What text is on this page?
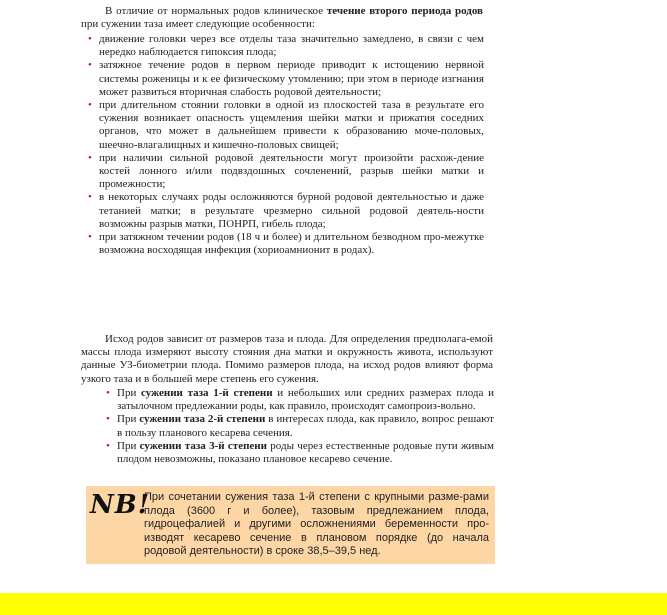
В отличие от нормальных родов клиническое течение второго периода родов при сужении таза имеет следующие особенности:

• движение головки через все отделы таза значительно замедлено, в связи с чем нередко наблюдается гипоксия плода;
• затяжное течение родов в первом периоде приводит к истощению нервной системы роженицы и к ее физическому утомлению; при этом в периоде изгнания может развиться вторичная слабость родовой деятельности;
• при длительном стоянии головки в одной из плоскостей таза в результате его сужения возникает опасность ущемления шейки матки и прижатия соседних органов, что может в дальнейшем привести к образованию моче-половых, шеечно-влагалищных и кишечно-половых свищей;
• при наличии сильной родовой деятельности могут произойти расхож-дение костей лонного и/или подвздошных сочленений, разрыв шейки матки и промежности;
• в некоторых случаях роды осложняются бурной родовой деятельностью и даже тетанией матки; в результате чрезмерно сильной родовой деятель-ности возможны разрыв матки, ПОНРП, гибель плода;
• при затяжном течении родов (18 ч и более) и длительном безводном про-межутке возможна восходящая инфекция (хориоамнионит в родах).

Исход родов зависит от размеров таза и плода. Для определения предполага-емой массы плода измеряют высоту стояния дна матки и окружность живота, используют данные УЗ-биометрии плода. Помимо размеров плода, на исход родов влияют форма узкого таза и в большей мере степень его сужения.

• При сужении таза 1-й степени и небольших или средних размерах плода и затылочном предлежании роды, как правило, происходят самопроиз-вольно.
• При сужении таза 2-й степени в интересах плода, как правило, вопрос решают в пользу планового кесарева сечения.
• При сужении таза 3-й степени роды через естественные родовые пути живым плодом невозможны, показано плановое кесарево сечение.
NB!
При сочетании сужения таза 1-й степени с крупными разме-рами плода (3600 г и более), тазовым предлежанием плода, гидроцефалией и другими осложнениями беременности про-изводят кесарево сечение в плановом порядке (до начала родовой деятельности) в сроке 38,5–39,5 нед.
